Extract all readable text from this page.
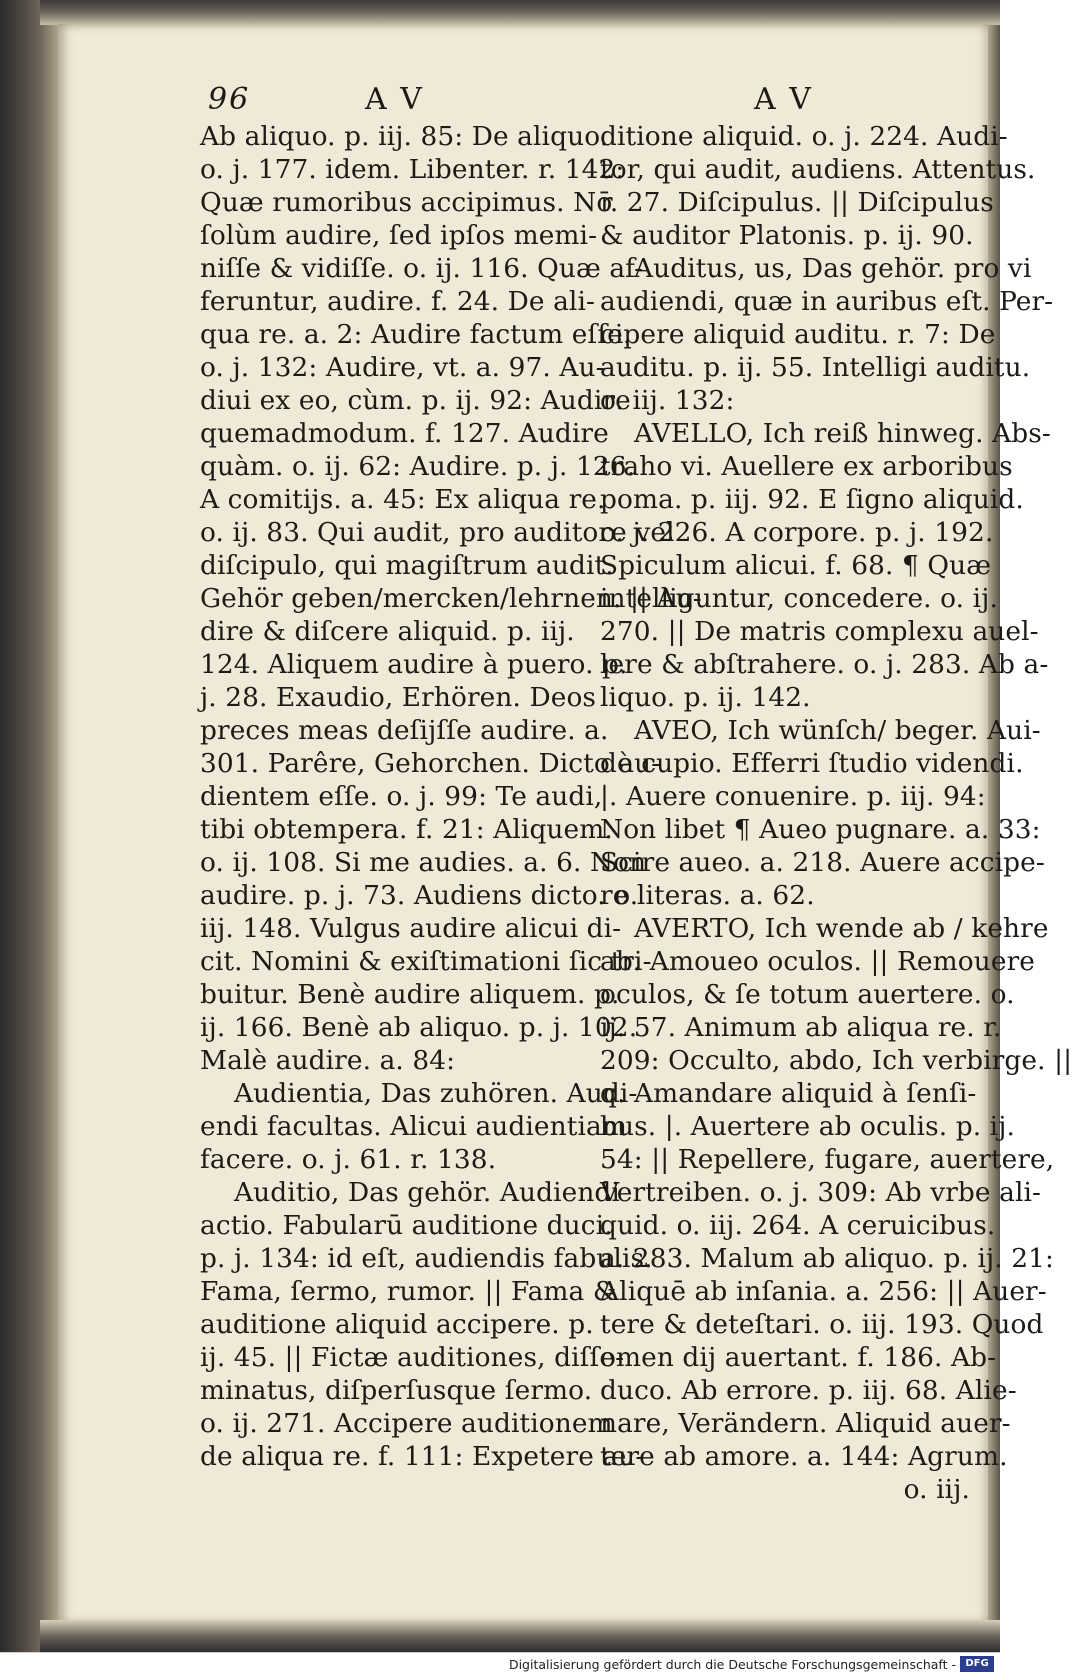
96	A V	A V
Ab aliquo. p. iij. 85: De aliquo.
o. j. 177. idem. Libenter. r. 142:
Quæ rumoribus accipimus. Nō
ſolùm audire, ſed ipſos memi-
niſſe & vidiſſe. o. ij. 116. Quæ af-
feruntur, audire. f. 24. De ali-
qua re. a. 2: Audire factum eſſe.
o. j. 132: Audire, vt. a. 97. Au-
diui ex eo, cùm. p. ij. 92: Audire
quemadmodum. f. 127. Audire
quàm. o. ij. 62: Audire. p. j. 126.
A comitijs. a. 45: Ex aliqua re.
o. ij. 83. Qui audit, pro auditore vel
diſcipulo, qui magiſtrum audit.
Gehör geben/mercken/lehrnen. || Au-
dire & diſcere aliquid. p. iij.
124. Aliquem audire à puero. p.
j. 28. Exaudio, Erhören. Deos
preces meas deſijſſe audire. a.
301. Parêre, Gehorchen. Dicto au-
dientem eſſe. o. j. 99: Te audi,
tibi obtempera. f. 21: Aliquem.
o. ij. 108. Si me audies. a. 6. Non
audire. p. j. 73. Audiens dicto. o.
iij. 148. Vulgus audire alicui di-
cit. Nomini & exiſtimationi ſic tri-
buitur. Benè audire aliquem. p.
ij. 166. Benè ab aliquo. p. j. 102.
Malè audire. a. 84:
Audientia, Das zuhören. Audi-
endi facultas. Alicui audientiam
facere. o. j. 61. r. 138.
Auditio, Das gehör. Audiendi
actio. Fabularū auditione duci.
p. j. 134: id eſt, audiendis fabulis.
Fama, ſermo, rumor. || Fama &
auditione aliquid accipere. p.
ij. 45. || Fictæ auditiones, diſſe-
minatus, diſperſusque ſermo.
o. ij. 271. Accipere auditionem
de aliqua re. f. 111: Expetere au-
ditione aliquid. o. j. 224. Audi-
tor, qui audit, audiens. Attentus.
r. 27. Diſcipulus. || Diſcipulus
& auditor Platonis. p. ij. 90.
Auditus, us, Das gehör. pro vi
audiendi, quæ in auribus eſt. Per-
cipere aliquid auditu. r. 7: De
auditu. p. ij. 55. Intelligi auditu.
o. iij. 132:
AVELLO, Ich reiß hinweg. Abs-
traho vi. Auellere ex arboribus
poma. p. iij. 92. E ſigno aliquid.
o. j. 226. A corpore. p. j. 192.
Spiculum alicui. f. 68. ¶ Quæ
intelliguntur, concedere. o. ij.
270. || De matris complexu auel-
lere & abſtrahere. o. j. 283. Ab a-
liquo. p. ij. 142.
AVEO, Ich wünſch/ beger. Aui-
dè cupio. Efferri ſtudio videndi.
|. Auere conuenire. p. iij. 94:
Non libet ¶ Aueo pugnare. a. 33:
Scire aueo. a. 218. Auere accipe-
re literas. a. 62.
AVERTO, Ich wende ab / kehre
ab. Amoueo oculos. || Remouere
oculos, & ſe totum auertere. o.
ij. 57. Animum ab aliqua re. r.
209: Occulto, abdo, Ich verbirge. ||
q. Amandare aliquid à ſenſi-
bus. |. Auertere ab oculis. p. ij.
54: || Repellere, fugare, auertere,
Vertreiben. o. j. 309: Ab vrbe ali-
quid. o. iij. 264. A ceruicibus.
a. 283. Malum ab aliquo. p. ij. 21:
Aliquē ab inſania. a. 256: || Auer-
tere & deteſtari. o. iij. 193. Quod
omen dij auertant. f. 186. Ab-
duco. Ab errore. p. iij. 68. Alie-
nare, Verändern. Aliquid auer-
tere ab amore. a. 144: Agrum.
o. iij.
Digitalisierung gefördert durch die Deutsche Forschungsgemeinschaft - DFG
